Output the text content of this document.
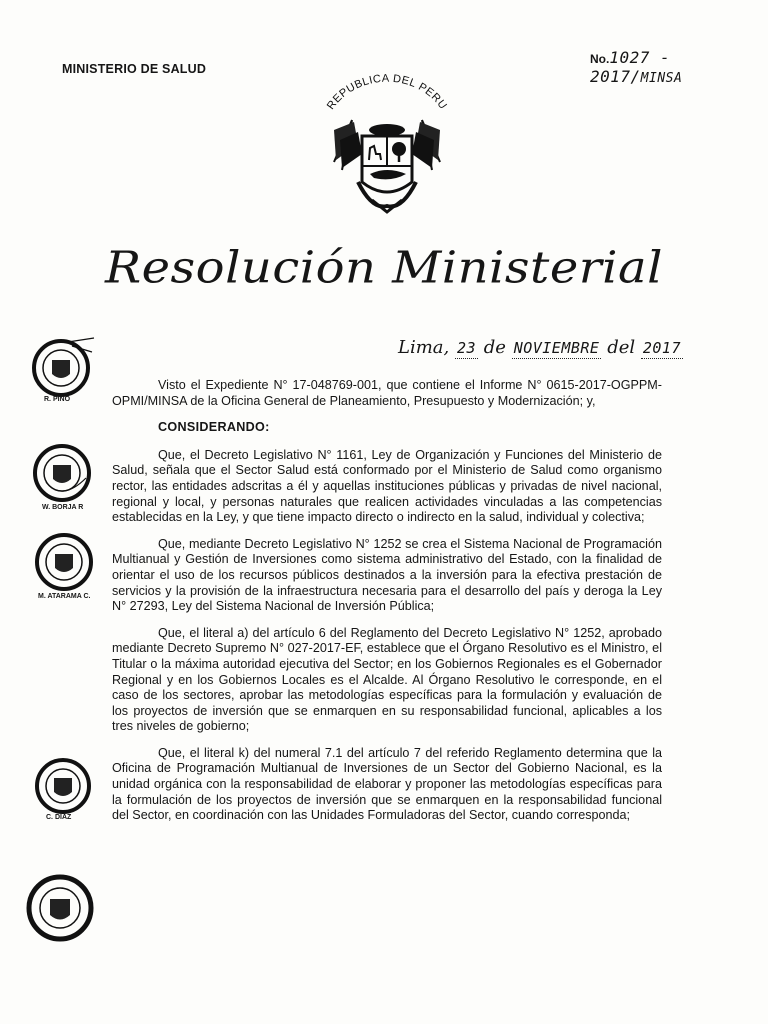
MINISTERIO DE SALUD
No.1027 - 2017/MINSA
REPUBLICA DEL PERU
Resolución Ministerial
Lima, 23 de NOVIEMBRE del 2017

Visto el Expediente N° 17-048769-001, que contiene el Informe N° 0615-2017-OGPPM-OPMI/MINSA de la Oficina General de Planeamiento, Presupuesto y Modernización; y,

CONSIDERANDO:

Que, el Decreto Legislativo N° 1161, Ley de Organización y Funciones del Ministerio de Salud, señala que el Sector Salud está conformado por el Ministerio de Salud como organismo rector, las entidades adscritas a él y aquellas instituciones públicas y privadas de nivel nacional, regional y local, y personas naturales que realicen actividades vinculadas a las competencias establecidas en la Ley, y que tiene impacto directo o indirecto en la salud, individual y colectiva;

Que, mediante Decreto Legislativo N° 1252 se crea el Sistema Nacional de Programación Multianual y Gestión de Inversiones como sistema administrativo del Estado, con la finalidad de orientar el uso de los recursos públicos destinados a la inversión para la efectiva prestación de servicios y la provisión de la infraestructura necesaria para el desarrollo del país y deroga la Ley N° 27293, Ley del Sistema Nacional de Inversión Pública;

Que, el literal a) del artículo 6 del Reglamento del Decreto Legislativo N° 1252, aprobado mediante Decreto Supremo N° 027-2017-EF, establece que el Órgano Resolutivo es el Ministro, el Titular o la máxima autoridad ejecutiva del Sector; en los Gobiernos Regionales es el Gobernador Regional y en los Gobiernos Locales es el Alcalde. Al Órgano Resolutivo le corresponde, en el caso de los sectores, aprobar las metodologías específicas para la formulación y evaluación de los proyectos de inversión que se enmarquen en su responsabilidad funcional, aplicables a los tres niveles de gobierno;

Que, el literal k) del numeral 7.1 del artículo 7 del referido Reglamento determina que la Oficina de Programación Multianual de Inversiones de un Sector del Gobierno Nacional, es la unidad orgánica con la responsabilidad de elaborar y proponer las metodologías específicas para la formulación de los proyectos de inversión que se enmarquen en la responsabilidad funcional del Sector, en coordinación con las Unidades Formuladoras del Sector, cuando corresponda;

R. PINO
W. BORJA R
M. ATARAMA C.
C. DÍAZ
